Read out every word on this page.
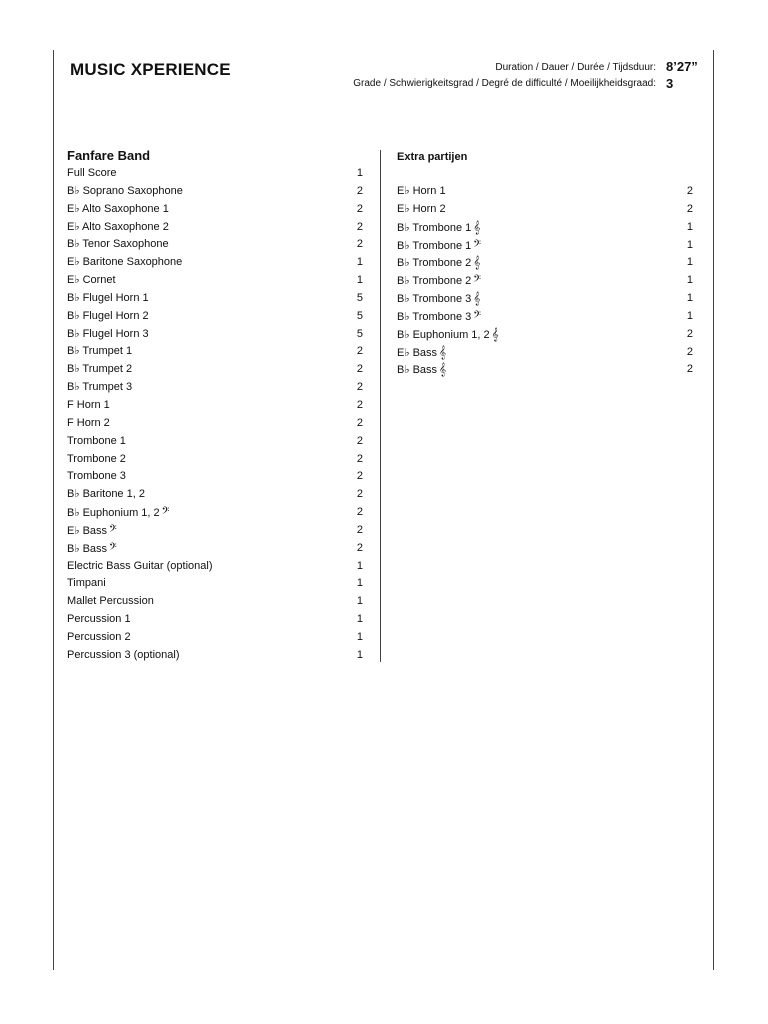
MUSIC XPERIENCE	Duration / Dauer / Durée / Tijdsduur: 8’27”
Grade / Schwierigkeitsgrad / Degré de difficulté / Moeilijkheidsgraad: 3
Fanfare Band
Full Score	1
B♭ Soprano Saxophone	2
E♭ Alto Saxophone 1	2
E♭ Alto Saxophone 2	2
B♭ Tenor Saxophone	2
E♭ Baritone Saxophone	1
E♭ Cornet	1
B♭ Flugel Horn 1	5
B♭ Flugel Horn 2	5
B♭ Flugel Horn 3	5
B♭ Trumpet 1	2
B♭ Trumpet 2	2
B♭ Trumpet 3	2
F Horn 1	2
F Horn 2	2
Trombone 1	2
Trombone 2	2
Trombone 3	2
B♭ Baritone 1, 2	2
B♭ Euphonium 1, 2 𝄢	2
E♭ Bass 𝄢	2
B♭ Bass 𝄢	2
Electric Bass Guitar (optional)	1
Timpani	1
Mallet Percussion	1
Percussion 1	1
Percussion 2	1
Percussion 3 (optional)	1
Extra partijen
E♭ Horn 1	2
E♭ Horn 2	2
B♭ Trombone 1 𝄞	1
B♭ Trombone 1 𝄢	1
B♭ Trombone 2 𝄞	1
B♭ Trombone 2 𝄢	1
B♭ Trombone 3 𝄞	1
B♭ Trombone 3 𝄢	1
B♭ Euphonium 1, 2 𝄞	2
E♭ Bass 𝄞	2
B♭ Bass 𝄞	2
